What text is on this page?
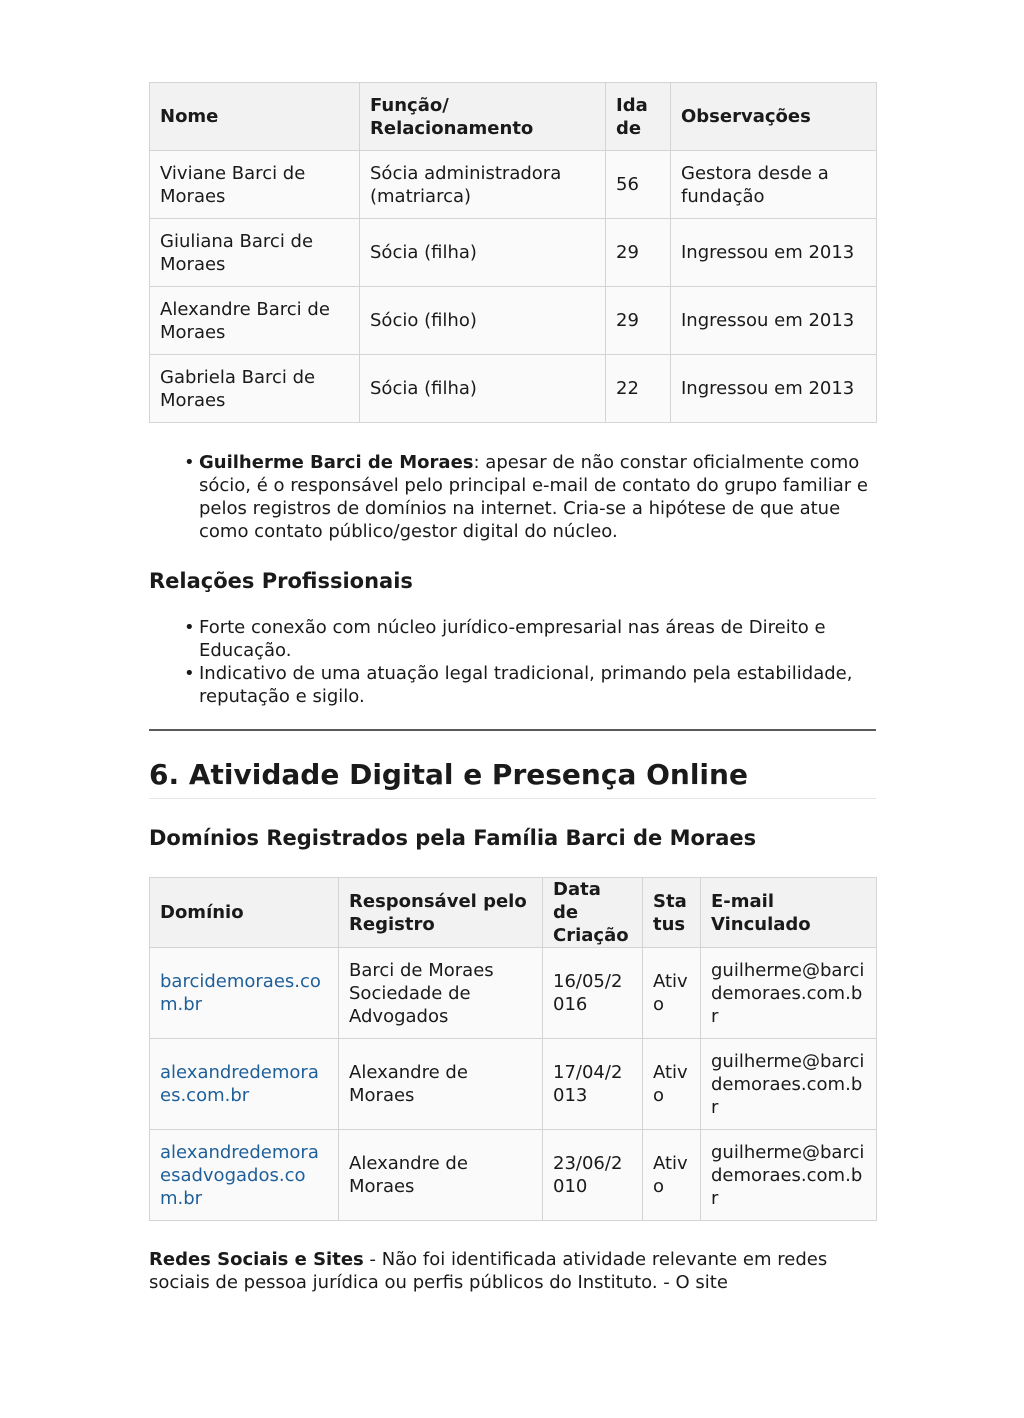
Nome	Função/ Relacionamento	Idade	Observações
Viviane Barci de Moraes	Sócia administradora (matriarca)	56	Gestora desde a fundação
Giuliana Barci de Moraes	Sócia (filha)	29	Ingressou em 2013
Alexandre Barci de Moraes	Sócio (filho)	29	Ingressou em 2013
Gabriela Barci de Moraes	Sócia (filha)	22	Ingressou em 2013
• Guilherme Barci de Moraes: apesar de não constar oficialmente como sócio, é o responsável pelo principal e-mail de contato do grupo familiar e pelos registros de domínios na internet. Cria-se a hipótese de que atue como contato público/gestor digital do núcleo.
Relações Profissionais
• Forte conexão com núcleo jurídico-empresarial nas áreas de Direito e Educação.
• Indicativo de uma atuação legal tradicional, primando pela estabilidade, reputação e sigilo.
6. Atividade Digital e Presença Online
Domínios Registrados pela Família Barci de Moraes
Domínio	Responsável pelo Registro	Data de Criação	Status	E-mail Vinculado
barcidemoraes.com.br	Barci de Moraes Sociedade de Advogados	16/05/2016	Ativo	guilherme@barcidemoraes.com.br
alexandredemoraes.com.br	Alexandre de Moraes	17/04/2013	Ativo	guilherme@barcidemoraes.com.br
alexandredemoraesadvogados.com.br	Alexandre de Moraes	23/06/2010	Ativo	guilherme@barcidemoraes.com.br

Redes Sociais e Sites - Não foi identificada atividade relevante em redes sociais de pessoa jurídica ou perfis públicos do Instituto. - O site
